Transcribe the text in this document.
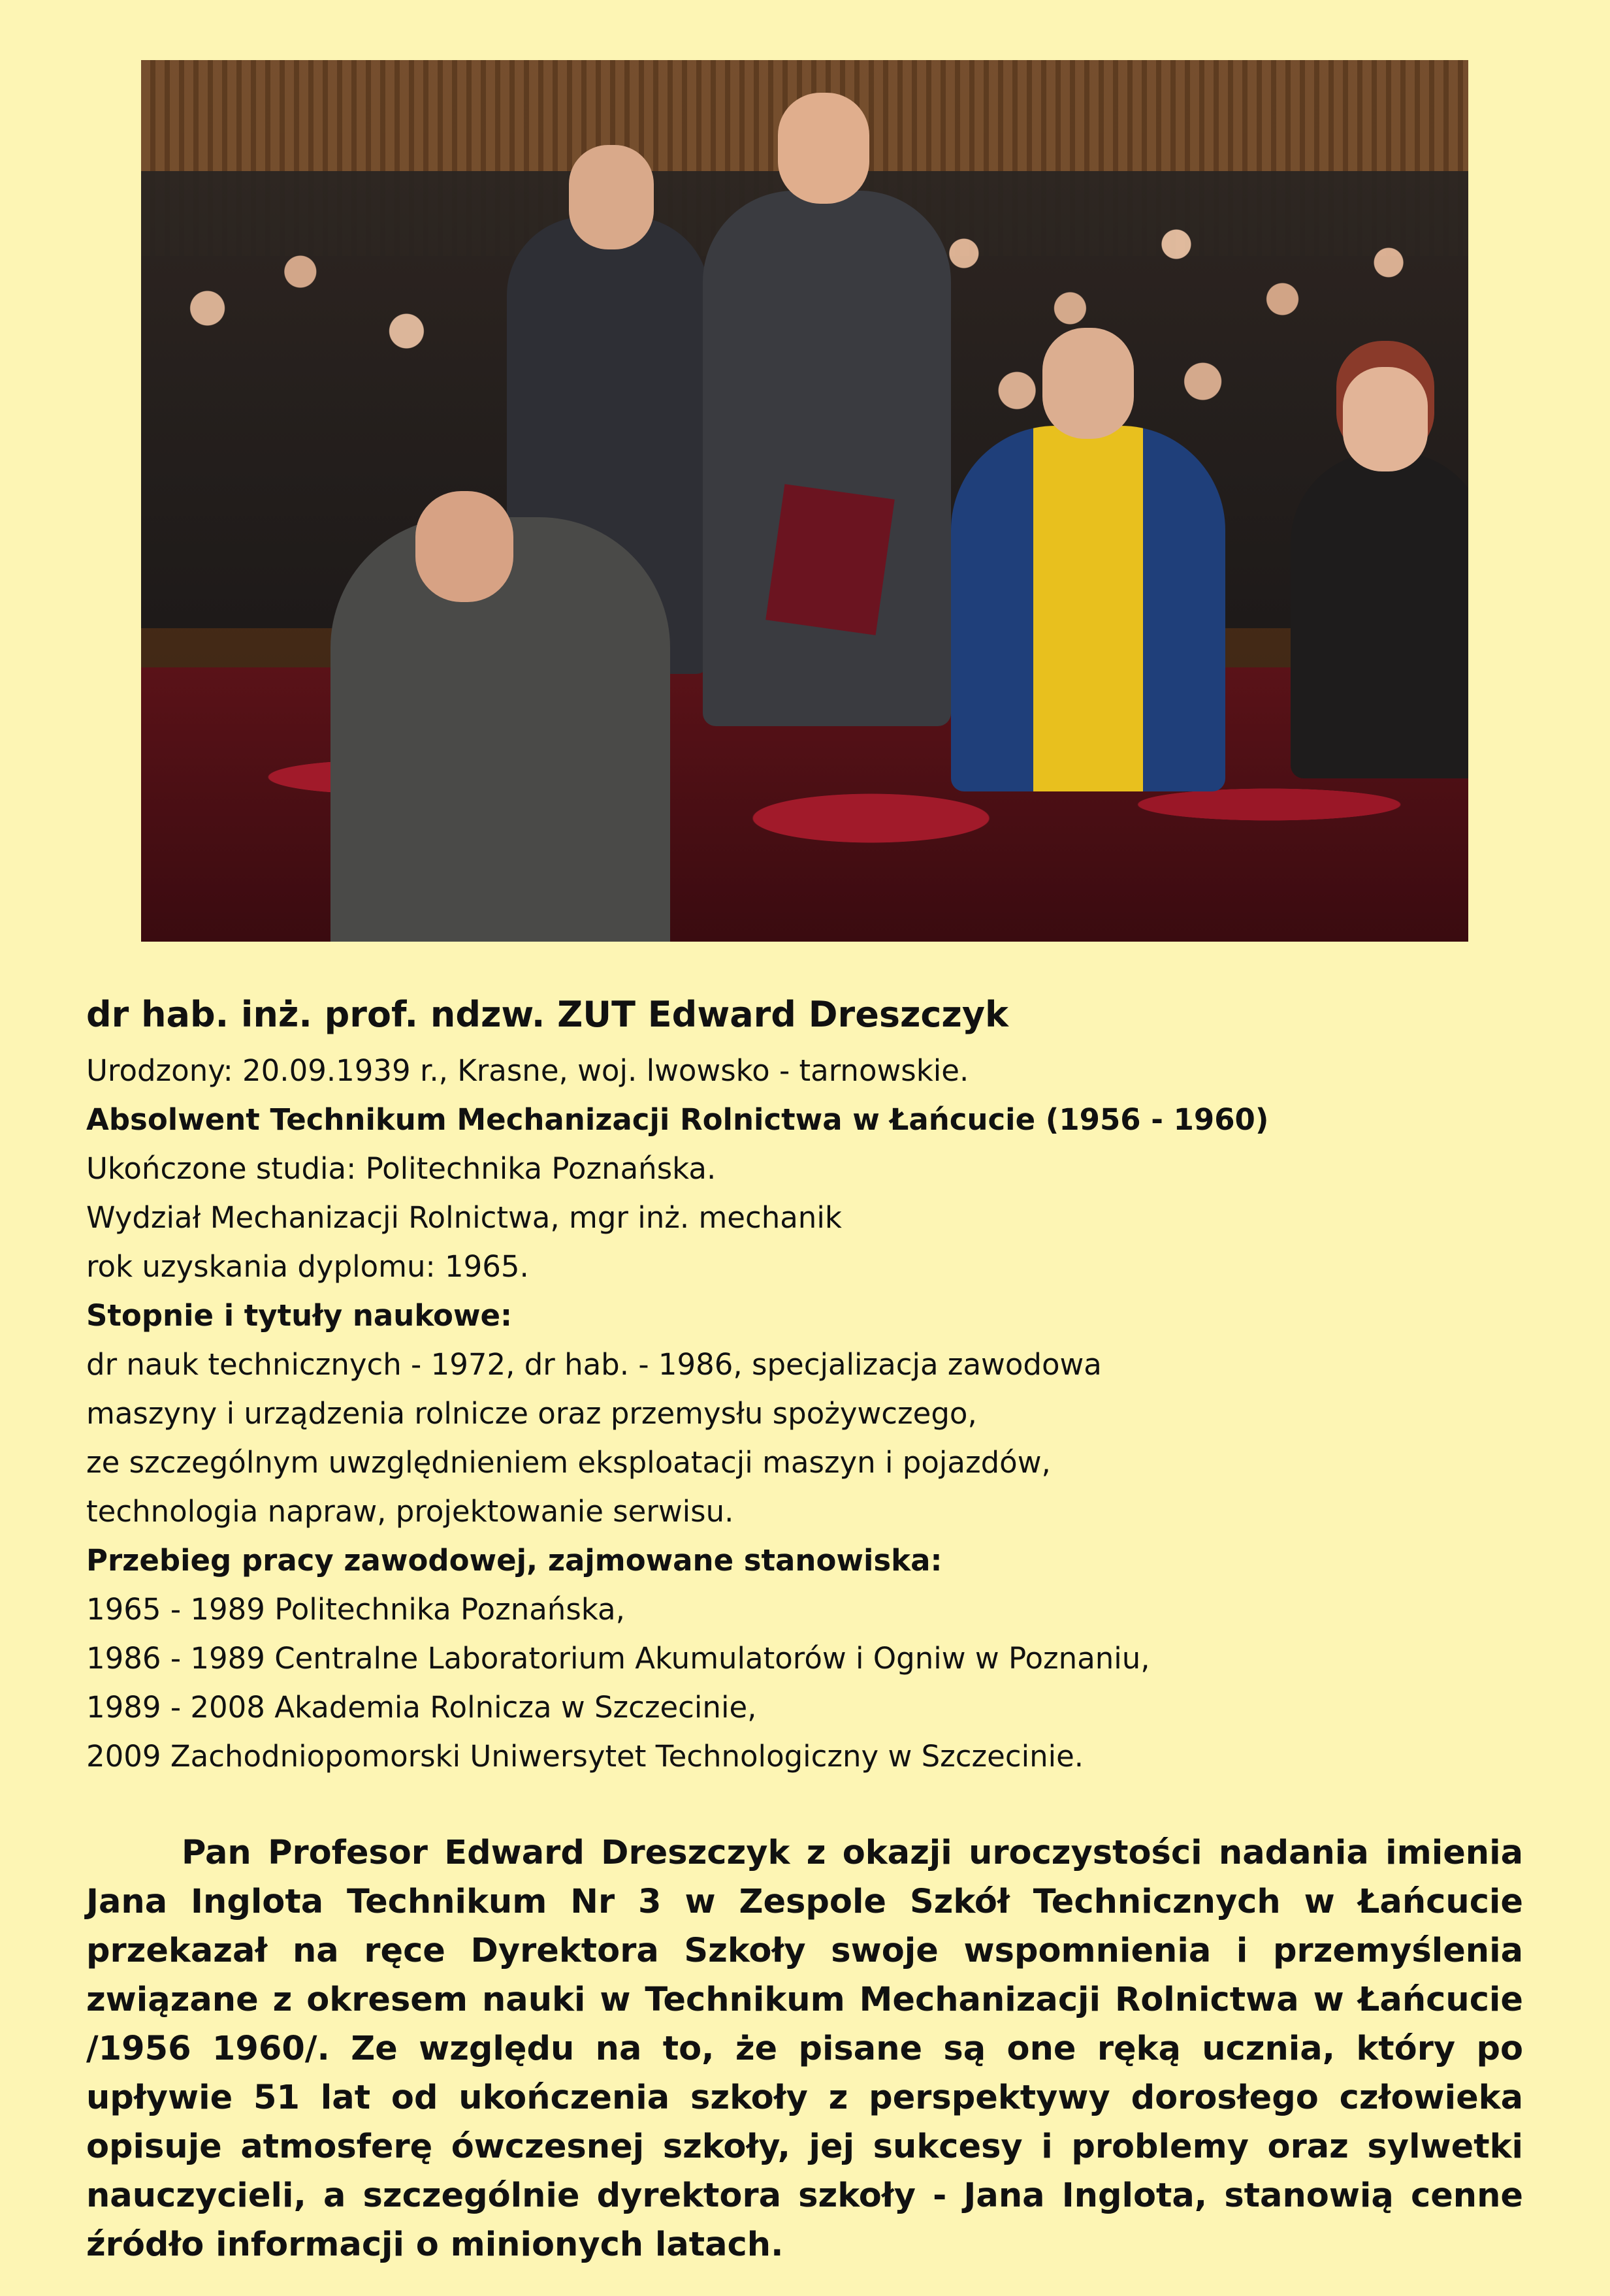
dr hab. inż. prof. ndzw. ZUT Edward Dreszczyk
Urodzony: 20.09.1939 r., Krasne, woj. lwowsko - tarnowskie.
Absolwent Technikum Mechanizacji Rolnictwa w Łańcucie (1956 - 1960)
Ukończone studia: Politechnika Poznańska.
Wydział Mechanizacji Rolnictwa, mgr inż. mechanik
rok uzyskania dyplomu: 1965.
Stopnie i tytuły naukowe:
dr nauk technicznych - 1972, dr hab. - 1986, specjalizacja zawodowa
maszyny i urządzenia rolnicze oraz przemysłu spożywczego,
ze szczególnym uwzględnieniem eksploatacji maszyn i pojazdów,
technologia napraw, projektowanie serwisu.
Przebieg pracy zawodowej, zajmowane stanowiska:
1965 - 1989 Politechnika Poznańska,
1986 - 1989 Centralne Laboratorium Akumulatorów i Ogniw w Poznaniu,
1989 - 2008 Akademia Rolnicza w Szczecinie,
2009 Zachodniopomorski Uniwersytet Technologiczny w Szczecinie.
Pan Profesor Edward Dreszczyk z okazji uroczystości nadania imienia Jana Inglota Technikum Nr 3 w Zespole Szkół Technicznych w Łańcucie przekazał na ręce Dyrektora Szkoły swoje wspomnienia i przemyślenia związane z okresem nauki w Technikum Mechanizacji Rolnictwa w Łańcucie /1956 1960/. Ze względu na to, że pisane są one ręką ucznia, który po upływie 51 lat od ukończenia szkoły z perspektywy dorosłego człowieka opisuje atmosferę ówczesnej szkoły, jej sukcesy i problemy oraz sylwetki nauczycieli, a szczególnie dyrektora szkoły - Jana Inglota, stanowią cenne źródło informacji o minionych latach.
